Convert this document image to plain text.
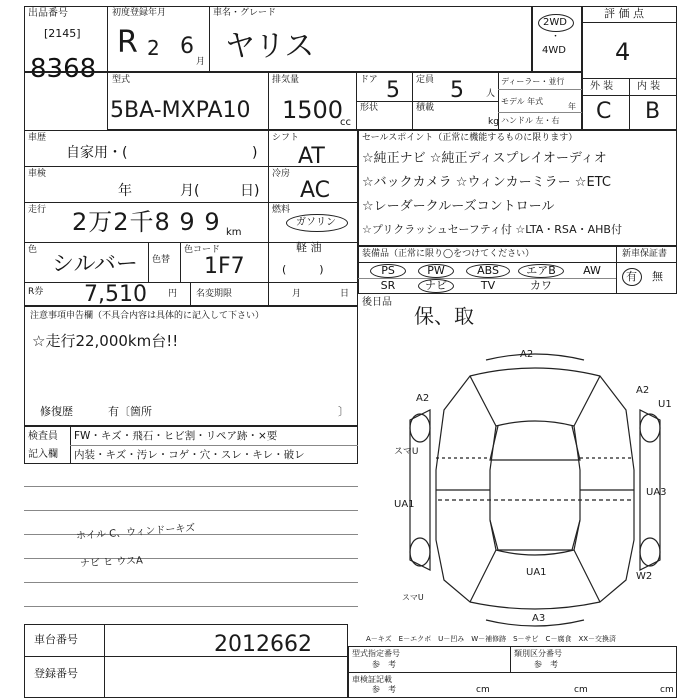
出品番号
[2145]
8368
初度登録年月
R 2 6
月
車名・グレード
ヤリス
2WD
・
4WD
評 価 点
4
外 装 内 装
C B
型式
5BA-MXPA10
排気量
1500
cc
ドア 5 定員 5 人
形状	積載
kg
ディーラー・並行
モデル 年式
年
ハンドル 左・右
車歴
自家用・(	)
車検
年	月(	日)
走行 2万2千8 9 9 km
色
シルバー 色替
色コード
1F7
R券 7,510 円 名変期限	月	日
シフト
AT
冷房
AC
燃料
ガソリン
軽 油
(　　　)
セールスポイント（正常に機能するものに限ります）
☆純正ナビ ☆純正ディスプレイオーディオ
☆バックカメラ ☆ウィンカーミラー ☆ETC
☆レーダークルーズコントロール
☆プリクラッシュセーフティ付 ☆LTA・RSA・AHB付
装備品（正常に限り◯をつけてください）	新車保証書
PS	PW	ABS	エアB	AW
SR	ナビ	TV	カワ
有 無
後日品
保、取
注意事項申告欄（不具合内容は具体的に記入して下さい）
☆走行22,000km台!!
修復歴	有〔箇所	〕
検査員
記入欄
FW・キズ・飛石・ヒビ割・リペア跡・×要
内装・キズ・汚レ・コゲ・穴・スレ・キレ・破レ
ホイル C、ウィンドーキズ
ナビ ヒ ウスA
A2
A2
A2
U1
スマU
UA1
UA3
UA1	W2
A3
スマU
A－キズ　E－エクボ　U－凹み　W－補修跡　S－サビ　C－腐食　XX－交換済
車台番号	2012662
登録番号
型式指定番号
参　考
類別区分番号
参　考
車検証記載
参　考	cm	cm	cm
